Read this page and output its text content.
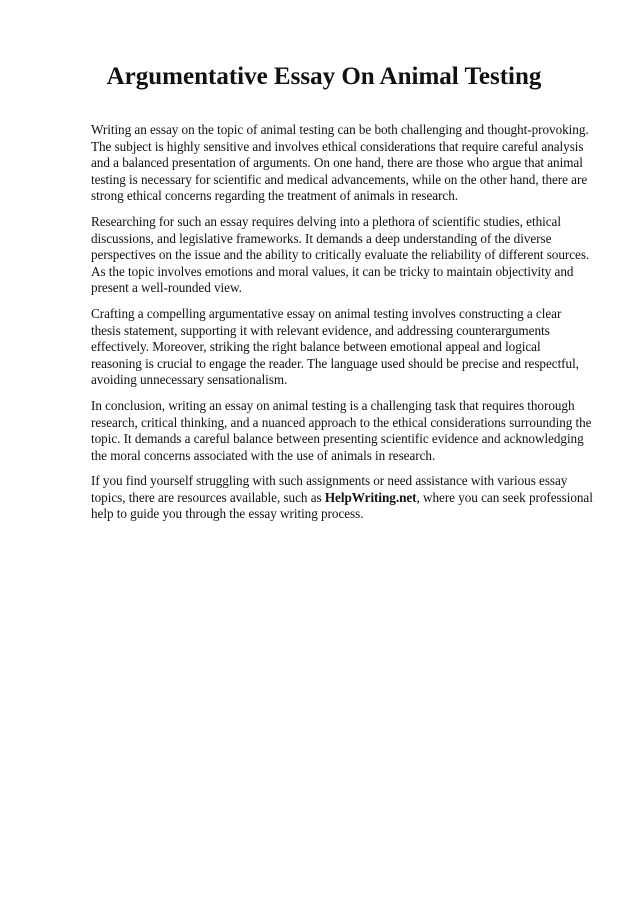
Argumentative Essay On Animal Testing

Writing an essay on the topic of animal testing can be both challenging and thought-provoking. The subject is highly sensitive and involves ethical considerations that require careful analysis and a balanced presentation of arguments. On one hand, there are those who argue that animal testing is necessary for scientific and medical advancements, while on the other hand, there are strong ethical concerns regarding the treatment of animals in research.

Researching for such an essay requires delving into a plethora of scientific studies, ethical discussions, and legislative frameworks. It demands a deep understanding of the diverse perspectives on the issue and the ability to critically evaluate the reliability of different sources. As the topic involves emotions and moral values, it can be tricky to maintain objectivity and present a well-rounded view.

Crafting a compelling argumentative essay on animal testing involves constructing a clear thesis statement, supporting it with relevant evidence, and addressing counterarguments effectively. Moreover, striking the right balance between emotional appeal and logical reasoning is crucial to engage the reader. The language used should be precise and respectful, avoiding unnecessary sensationalism.

In conclusion, writing an essay on animal testing is a challenging task that requires thorough research, critical thinking, and a nuanced approach to the ethical considerations surrounding the topic. It demands a careful balance between presenting scientific evidence and acknowledging the moral concerns associated with the use of animals in research.

If you find yourself struggling with such assignments or need assistance with various essay topics, there are resources available, such as HelpWriting.net, where you can seek professional help to guide you through the essay writing process.
